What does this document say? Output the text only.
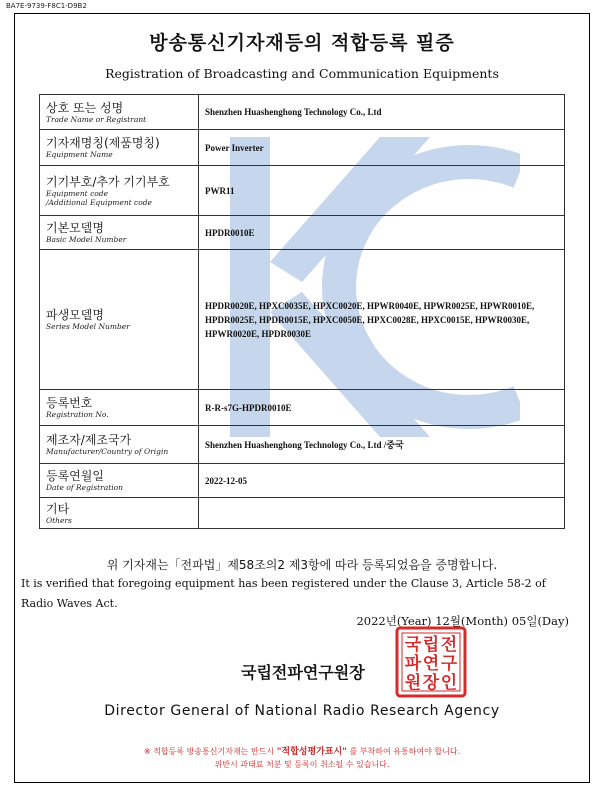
BA7E-9739-F8C1-D9B2
방송통신기자재등의 적합등록 필증
Registration of Broadcasting and Communication Equipments
상호 또는 성명
Trade Name or Registrant	Shenzhen Huashenghong Technology Co., Ltd

기자재명칭(제품명칭)
Equipment Name	Power Inverter

기기부호/추가 기기부호
Equipment code
/Additional Equipment code	PWR11

기본모델명
Basic Model Number	HPDR0010E

파생모델명
Series Model Number	HPDR0020E, HPXC0035E, HPXC0020E, HPWR0040E, HPWR0025E, HPWR0010E, HPDR0025E, HPDR0015E, HPXC0050E, HPXC0028E, HPXC0015E, HPWR0030E, HPWR0020E, HPDR0030E

등록번호
Registration No.	R-R-s7G-HPDR0010E

제조자/제조국가
Manufacturer/Country of Origin	Shenzhen Huashenghong Technology Co., Ltd /중국

등록연월일
Date of Registration	2022-12-05

기타
Others	

위 기자재는「전파법」제58조의2 제3항에 따라 등록되었음을 증명합니다.
It is verified that foregoing equipment has been registered under the Clause 3, Article 58-2 of Radio Waves Act.
2022년(Year) 12월(Month) 05일(Day)
국립전파연구원장
국 립 전
파 연 구
원 장 인
Director General of National Radio Research Agency
※ 적합등록 방송통신기자재는 반드시 "적합성평가표시" 를 부착하여 유통하여야 합니다.
위반시 과태료 처분 및 등록이 취소될 수 있습니다.
